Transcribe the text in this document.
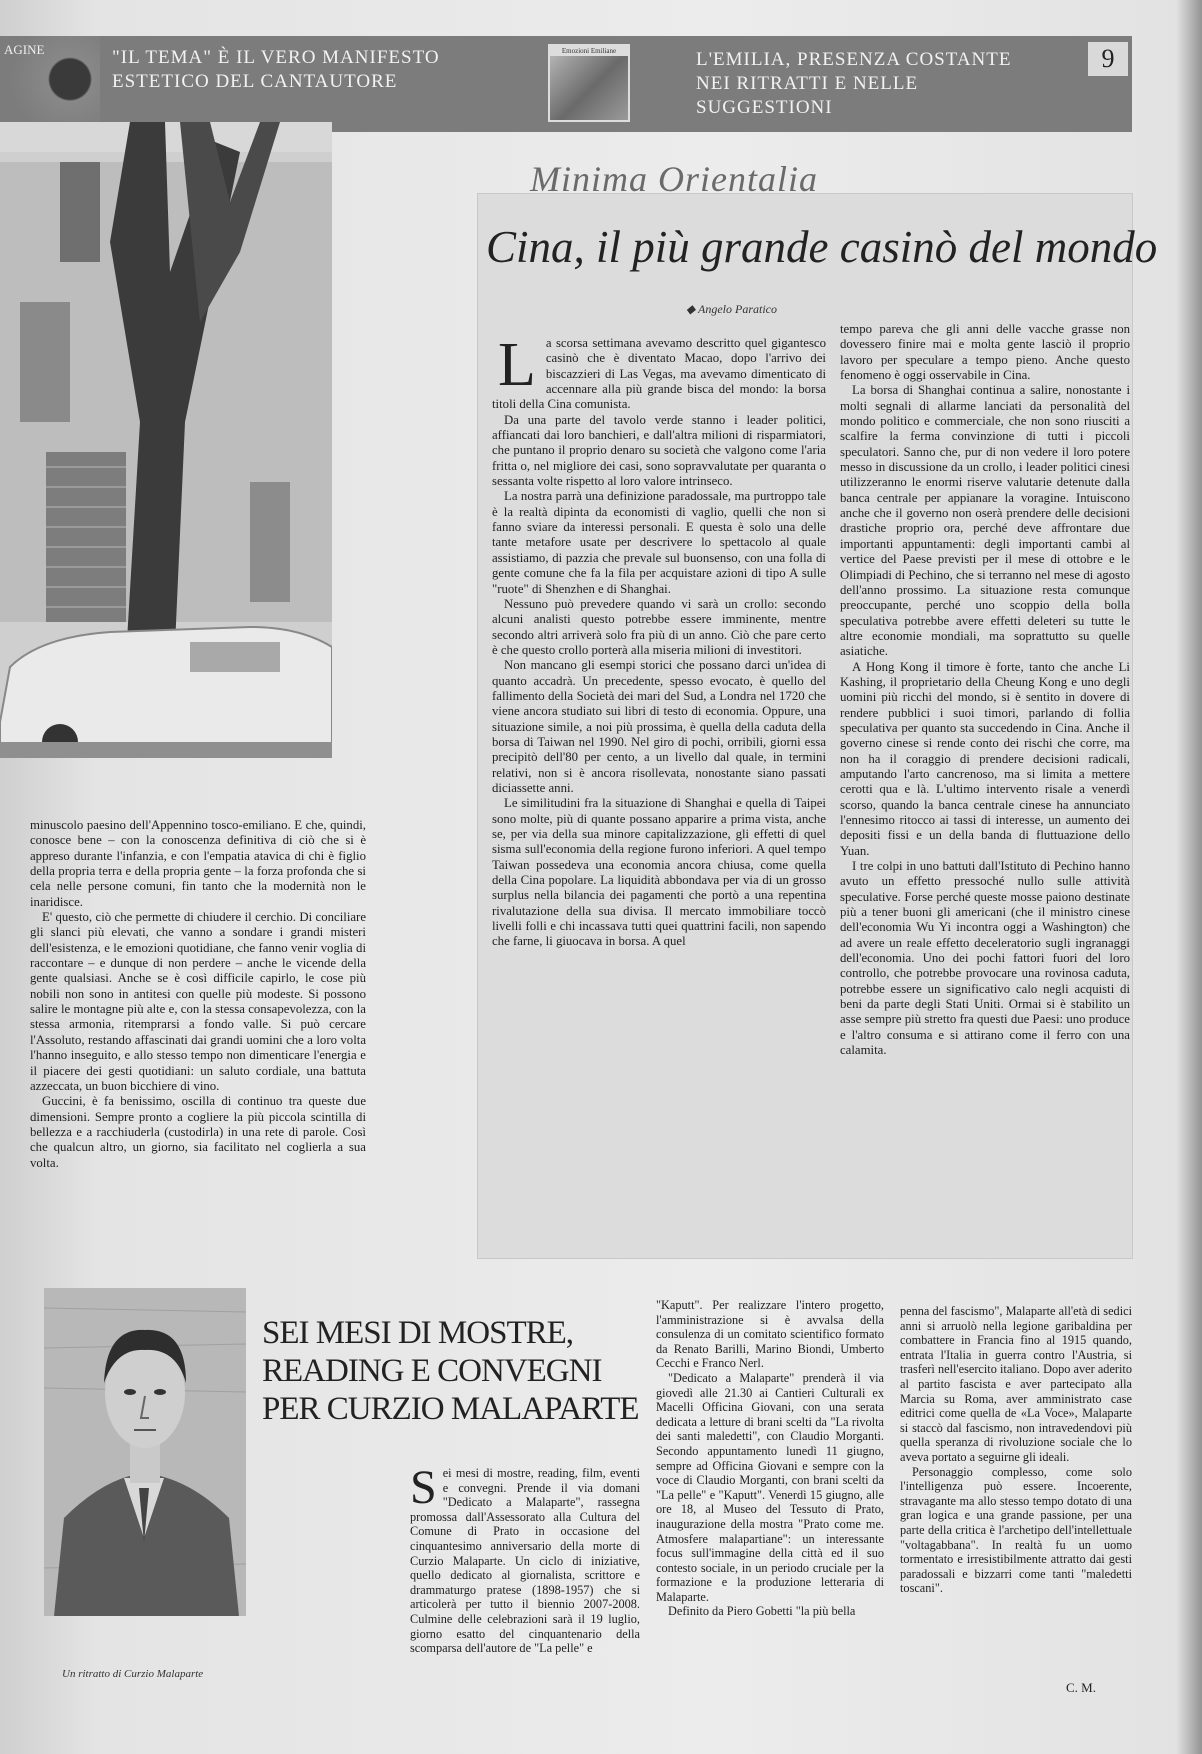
AGINE	"IL TEMA" È IL VERO MANIFESTO
ESTETICO DEL CANTAUTORE
Emozioni Emiliane	L'EMILIA, PRESENZA COSTANTE
NEI RITRATTI E NELLE SUGGESTIONI
9

minuscolo paesino dell'Appennino tosco-emiliano. E che, quindi, conosce bene – con la conoscenza definitiva di ciò che si è appreso durante l'infanzia, e con l'empatia atavica di chi è figlio della propria terra e della propria gente – la forza profonda che si cela nelle persone comuni, fin tanto che la modernità non le inaridisce.

E' questo, ciò che permette di chiudere il cerchio. Di conciliare gli slanci più elevati, che vanno a sondare i grandi misteri dell'esistenza, e le emozioni quotidiane, che fanno venir voglia di raccontare – e dunque di non perdere – anche le vicende della gente qualsiasi. Anche se è così difficile capirlo, le cose più nobili non sono in antitesi con quelle più modeste. Si possono salire le montagne più alte e, con la stessa consapevolezza, con la stessa armonia, ritemprarsi a fondo valle. Si può cercare l'Assoluto, restando affascinati dai grandi uomini che a loro volta l'hanno inseguito, e allo stesso tempo non dimenticare l'energia e il piacere dei gesti quotidiani: un saluto cordiale, una battuta azzeccata, un buon bicchiere di vino.

Guccini, è fa benissimo, oscilla di continuo tra queste due dimensioni. Sempre pronto a cogliere la più piccola scintilla di bellezza e a racchiuderla (custodirla) in una rete di parole. Così che qualcun altro, un giorno, sia facilitato nel coglierla a sua volta.

Minima Orientalia
Cina, il più grande casinò del mondo
◆ Angelo Paratico

La scorsa settimana avevamo descritto quel gigantesco casinò che è diventato Macao, dopo l'arrivo dei biscazzieri di Las Vegas, ma avevamo dimenticato di accennare alla più grande bisca del mondo: la borsa titoli della Cina comunista.

Da una parte del tavolo verde stanno i leader politici, affiancati dai loro banchieri, e dall'altra milioni di risparmiatori, che puntano il proprio denaro su società che valgono come l'aria fritta o, nel migliore dei casi, sono sopravvalutate per quaranta o sessanta volte rispetto al loro valore intrinseco.

La nostra parrà una definizione paradossale, ma purtroppo tale è la realtà dipinta da economisti di vaglio, quelli che non si fanno sviare da interessi personali. E questa è solo una delle tante metafore usate per descrivere lo spettacolo al quale assistiamo, di pazzia che prevale sul buonsenso, con una folla di gente comune che fa la fila per acquistare azioni di tipo A sulle "ruote" di Shenzhen e di Shanghai.

Nessuno può prevedere quando vi sarà un crollo: secondo alcuni analisti questo potrebbe essere imminente, mentre secondo altri arriverà solo fra più di un anno. Ciò che pare certo è che questo crollo porterà alla miseria milioni di investitori.

Non mancano gli esempi storici che possano darci un'idea di quanto accadrà. Un precedente, spesso evocato, è quello del fallimento della Società dei mari del Sud, a Londra nel 1720 che viene ancora studiato sui libri di testo di economia. Oppure, una situazione simile, a noi più prossima, è quella della caduta della borsa di Taiwan nel 1990. Nel giro di pochi, orribili, giorni essa precipitò dell'80 per cento, a un livello dal quale, in termini relativi, non si è ancora risollevata, nonostante siano passati diciassette anni.

Le similitudini fra la situazione di Shanghai e quella di Taipei sono molte, più di quante possano apparire a prima vista, anche se, per via della sua minore capitalizzazione, gli effetti di quel sisma sull'economia della regione furono inferiori. A quel tempo Taiwan possedeva una economia ancora chiusa, come quella della Cina popolare. La liquidità abbondava per via di un grosso surplus nella bilancia dei pagamenti che portò a una repentina rivalutazione della sua divisa. Il mercato immobiliare toccò livelli folli e chi incassava tutti quei quattrini facili, non sapendo che farne, li giuocava in borsa. A quel

tempo pareva che gli anni delle vacche grasse non dovessero finire mai e molta gente lasciò il proprio lavoro per speculare a tempo pieno. Anche questo fenomeno è oggi osservabile in Cina.

La borsa di Shanghai continua a salire, nonostante i molti segnali di allarme lanciati da personalità del mondo politico e commerciale, che non sono riusciti a scalfire la ferma convinzione di tutti i piccoli speculatori. Sanno che, pur di non vedere il loro potere messo in discussione da un crollo, i leader politici cinesi utilizzeranno le enormi riserve valutarie detenute dalla banca centrale per appianare la voragine. Intuiscono anche che il governo non oserà prendere delle decisioni drastiche proprio ora, perché deve affrontare due importanti appuntamenti: degli importanti cambi al vertice del Paese previsti per il mese di ottobre e le Olimpiadi di Pechino, che si terranno nel mese di agosto dell'anno prossimo. La situazione resta comunque preoccupante, perché uno scoppio della bolla speculativa potrebbe avere effetti deleteri su tutte le altre economie mondiali, ma soprattutto su quelle asiatiche.

A Hong Kong il timore è forte, tanto che anche Li Kashing, il proprietario della Cheung Kong e uno degli uomini più ricchi del mondo, si è sentito in dovere di rendere pubblici i suoi timori, parlando di follia speculativa per quanto sta succedendo in Cina. Anche il governo cinese si rende conto dei rischi che corre, ma non ha il coraggio di prendere decisioni radicali, amputando l'arto cancrenoso, ma si limita a mettere cerotti qua e là. L'ultimo intervento risale a venerdì scorso, quando la banca centrale cinese ha annunciato l'ennesimo ritocco ai tassi di interesse, un aumento dei depositi fissi e un della banda di fluttuazione dello Yuan.

I tre colpi in uno battuti dall'Istituto di Pechino hanno avuto un effetto pressoché nullo sulle attività speculative. Forse perché queste mosse paiono destinate più a tener buoni gli americani (che il ministro cinese dell'economia Wu Yi incontra oggi a Washington) che ad avere un reale effetto deceleratorio sugli ingranaggi dell'economia. Uno dei pochi fattori fuori del loro controllo, che potrebbe provocare una rovinosa caduta, potrebbe essere un significativo calo negli acquisti di beni da parte degli Stati Uniti. Ormai si è stabilito un asse sempre più stretto fra questi due Paesi: uno produce e l'altro consuma e si attirano come il ferro con una calamita.

Un ritratto di Curzio Malaparte
SEI MESI DI MOSTRE,
READING E CONVEGNI
PER CURZIO MALAPARTE

Sei mesi di mostre, reading, film, eventi e convegni. Prende il via domani "Dedicato a Malaparte", rassegna promossa dall'Assessorato alla Cultura del Comune di Prato in occasione del cinquantesimo anniversario della morte di Curzio Malaparte. Un ciclo di iniziative, quello dedicato al giornalista, scrittore e drammaturgo pratese (1898-1957) che si articolerà per tutto il biennio 2007-2008. Culmine delle celebrazioni sarà il 19 luglio, giorno esatto del cinquantenario della scomparsa dell'autore de "La pelle" e

"Kaputt". Per realizzare l'intero progetto, l'amministrazione si è avvalsa della consulenza di un comitato scientifico formato da Renato Barilli, Marino Biondi, Umberto Cecchi e Franco Nerl.

"Dedicato a Malaparte" prenderà il via giovedì alle 21.30 ai Cantieri Culturali ex Macelli Officina Giovani, con una serata dedicata a letture di brani scelti da "La rivolta dei santi maledetti", con Claudio Morganti. Secondo appuntamento lunedì 11 giugno, sempre ad Officina Giovani e sempre con la voce di Claudio Morganti, con brani scelti da "La pelle" e "Kaputt". Venerdì 15 giugno, alle ore 18, al Museo del Tessuto di Prato, inaugurazione della mostra "Prato come me. Atmosfere malapartiane": un interessante focus sull'immagine della città ed il suo contesto sociale, in un periodo cruciale per la formazione e la produzione letteraria di Malaparte.

Definito da Piero Gobetti "la più bella

penna del fascismo", Malaparte all'età di sedici anni si arruolò nella legione garibaldina per combattere in Francia fino al 1915 quando, entrata l'Italia in guerra contro l'Austria, si trasferì nell'esercito italiano. Dopo aver aderito al partito fascista e aver partecipato alla Marcia su Roma, aver amministrato case editrici come quella de «La Voce», Malaparte si staccò dal fascismo, non intravedendovi più quella speranza di rivoluzione sociale che lo aveva portato a seguirne gli ideali.

Personaggio complesso, come solo l'intelligenza può essere. Incoerente, stravagante ma allo stesso tempo dotato di una gran logica e una grande passione, per una parte della critica è l'archetipo dell'intellettuale "voltagabbana". In realtà fu un uomo tormentato e irresistibilmente attratto dai gesti paradossali e bizzarri come tanti "maledetti toscani".

C. M.
